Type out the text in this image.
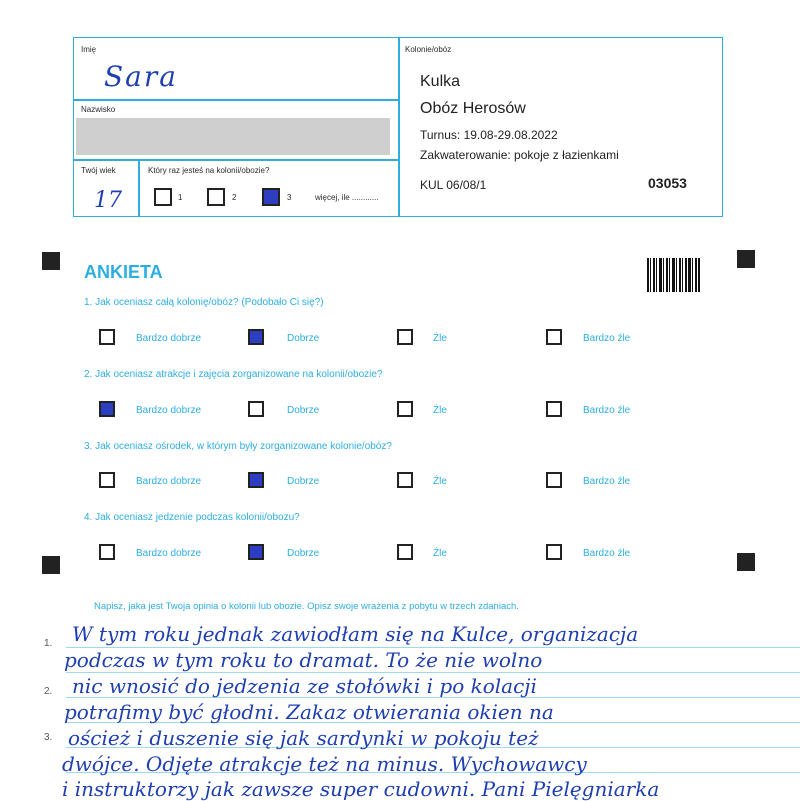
Imię
Sara
Nazwisko
Twój wiek
17
Który raz jesteś na kolonii/obozie?
1	2	3	więcej, ile ............
Kolonie/obóz
Kulka
Obóz Herosów
Turnus: 19.08-29.08.2022
Zakwaterowanie: pokoje z łazienkami
KUL 06/08/1	03053
ANKIETA
1. Jak oceniasz całą kolonię/obóz? (Podobało Ci się?)
Bardzo dobrze	Dobrze	Źle	Bardzo źle
2. Jak oceniasz atrakcje i zajęcia zorganizowane na kolonii/obozie?
Bardzo dobrze	Dobrze	Źle	Bardzo źle
3. Jak oceniasz ośrodek, w którym były zorganizowane kolonie/obóz?
Bardzo dobrze	Dobrze	Źle	Bardzo źle
4. Jak oceniasz jedzenie podczas kolonii/obozu?
Bardzo dobrze	Dobrze	Źle	Bardzo źle
Napisz, jaka jest Twoja opinia o kolonii lub obozie. Opisz swoje wrażenia z pobytu w trzech zdaniach.
1.
2.
3.
W tym roku jednak zawiodłam się na Kulce, organizacja
podczas w tym roku to dramat. To że nie wolno
nic wnosić do jedzenia ze stołówki i po kolacji
potrafimy być głodni. Zakaz otwierania okien na
oścież i duszenie się jak sardynki w pokoju też
dwójce. Odjęte atrakcje też na minus. Wychowawcy
i instruktorzy jak zawsze super cudowni. Pani Pielęgniarka
